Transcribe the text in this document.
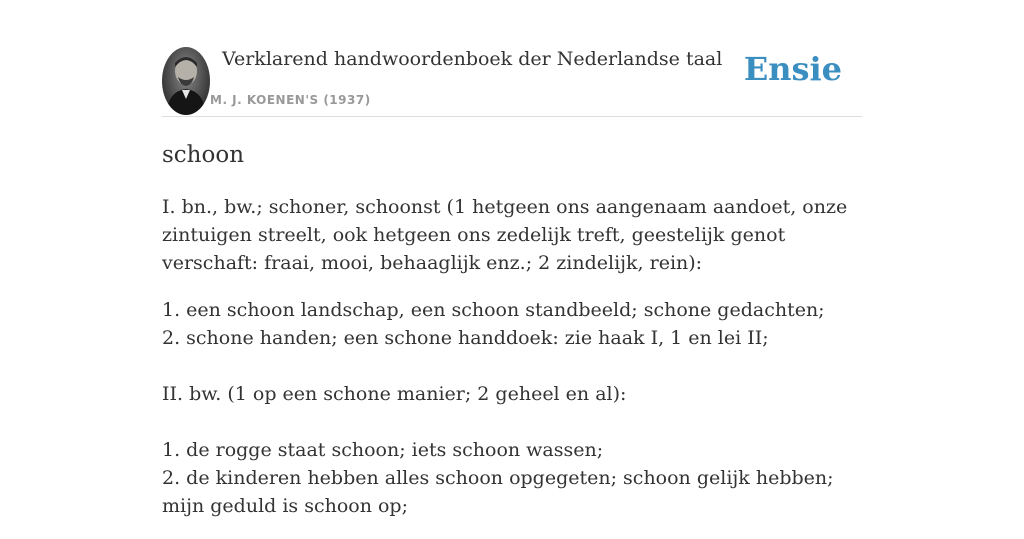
Verklarend handwoordenboek der Nederlandse taal
M. J. KOENEN'S (1937)
Ensie
schoon

I. bn., bw.; schoner, schoonst (1 hetgeen ons aangenaam aandoet, onze zintuigen streelt, ook hetgeen ons zedelijk treft, geestelijk genot verschaft: fraai, mooi, behaaglijk enz.; 2 zindelijk, rein):

1. een schoon landschap, een schoon standbeeld; schone gedachten;
2. schone handen; een schone handdoek: zie haak I, 1 en lei II;

II. bw. (1 op een schone manier; 2 geheel en al):

1. de rogge staat schoon; iets schoon wassen;
2. de kinderen hebben alles schoon opgegeten; schoon gelijk hebben; mijn geduld is schoon op;
